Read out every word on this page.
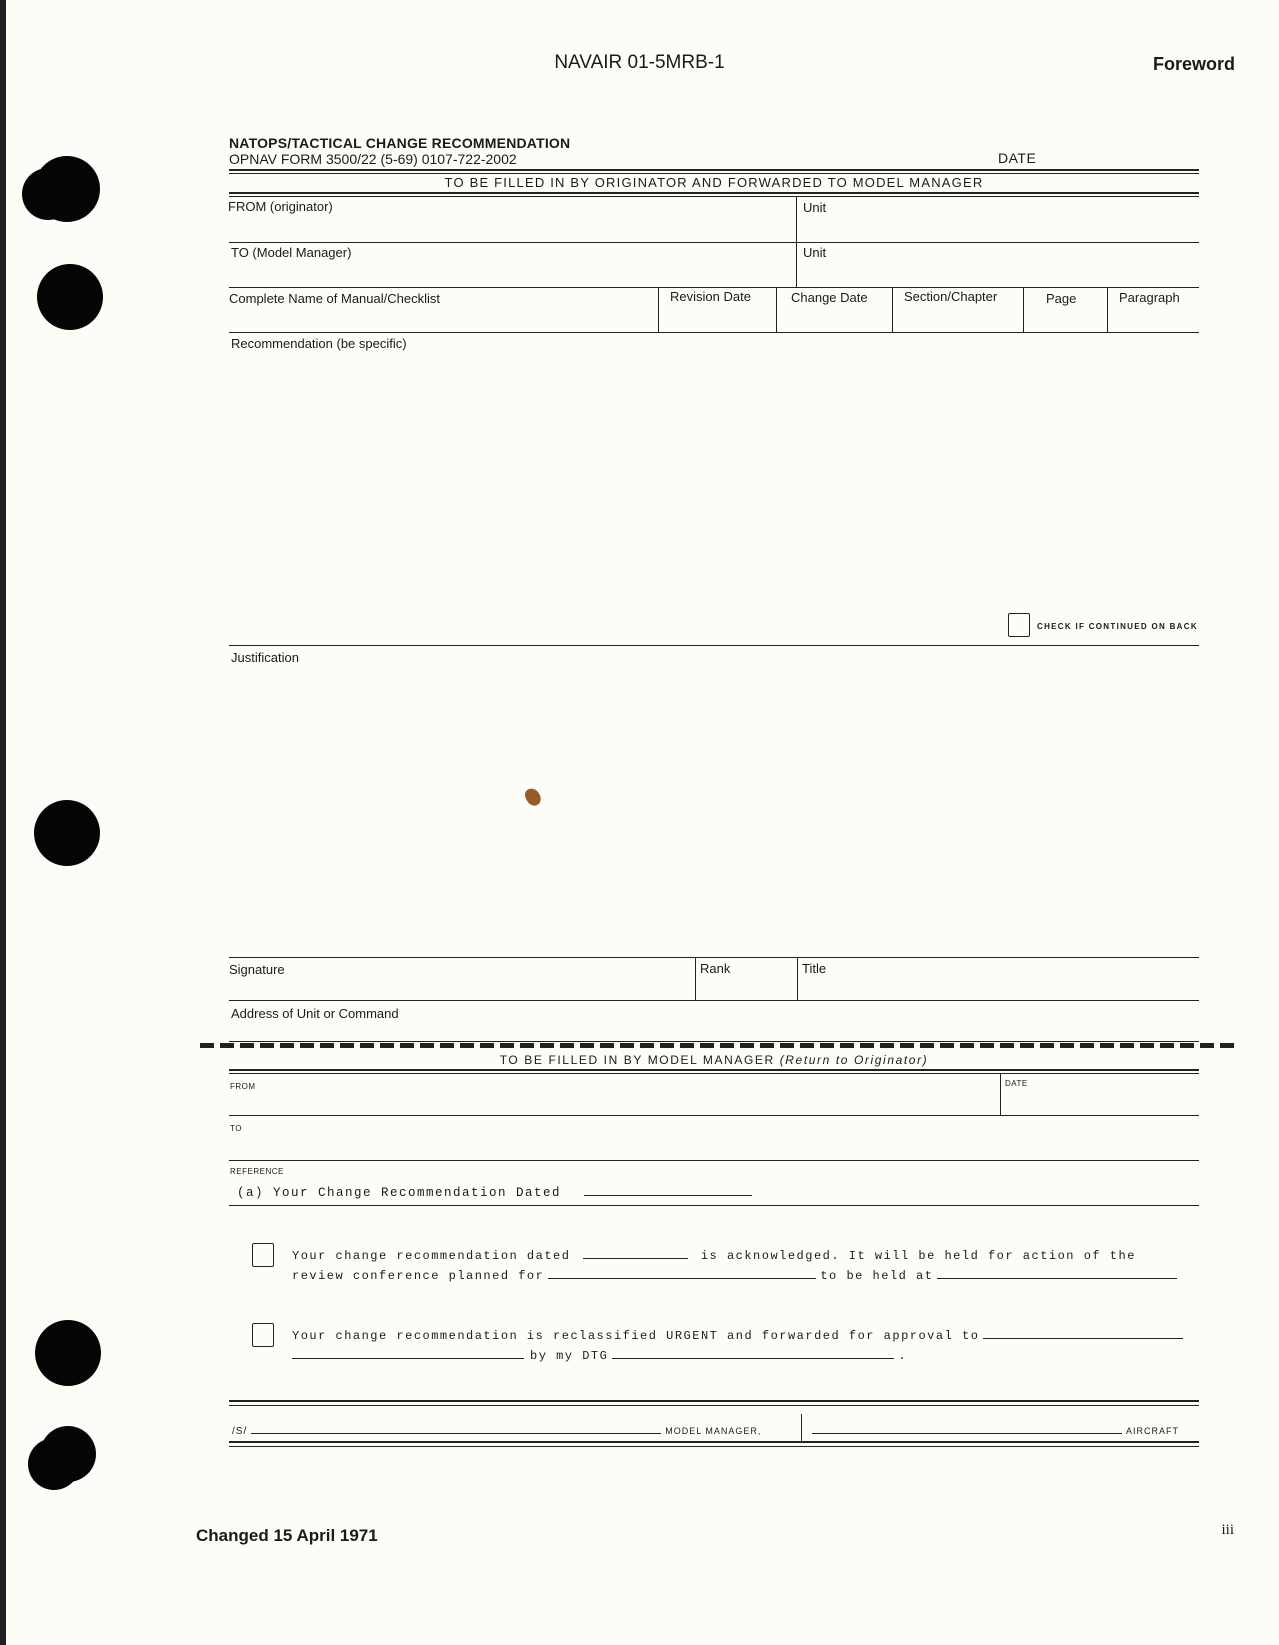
NAVAIR 01-5MRB-1	Foreword
NATOPS/TACTICAL CHANGE RECOMMENDATION
OPNAV FORM 3500/22 (5-69) 0107-722-2002	DATE
TO BE FILLED IN BY ORIGINATOR AND FORWARDED TO MODEL MANAGER
FROM (originator)	Unit
TO (Model Manager)	Unit
Complete Name of Manual/Checklist	Revision Date	Change Date	Section/Chapter	Page	Paragraph
Recommendation (be specific)
CHECK IF CONTINUED ON BACK
Justification
Signature	Rank	Title
Address of Unit or Command
TO BE FILLED IN BY MODEL MANAGER (Return to Originator)
FROM	DATE
TO
REFERENCE
(a) Your Change Recommendation Dated
Your change recommendation dated	is acknowledged. It will be held for action of the
review conference planned for	to be held at
Your change recommendation is reclassified URGENT and forwarded for approval to
by my DTG	.
/S/	MODEL MANAGER,	AIRCRAFT
Changed 15 April 1971	iii
